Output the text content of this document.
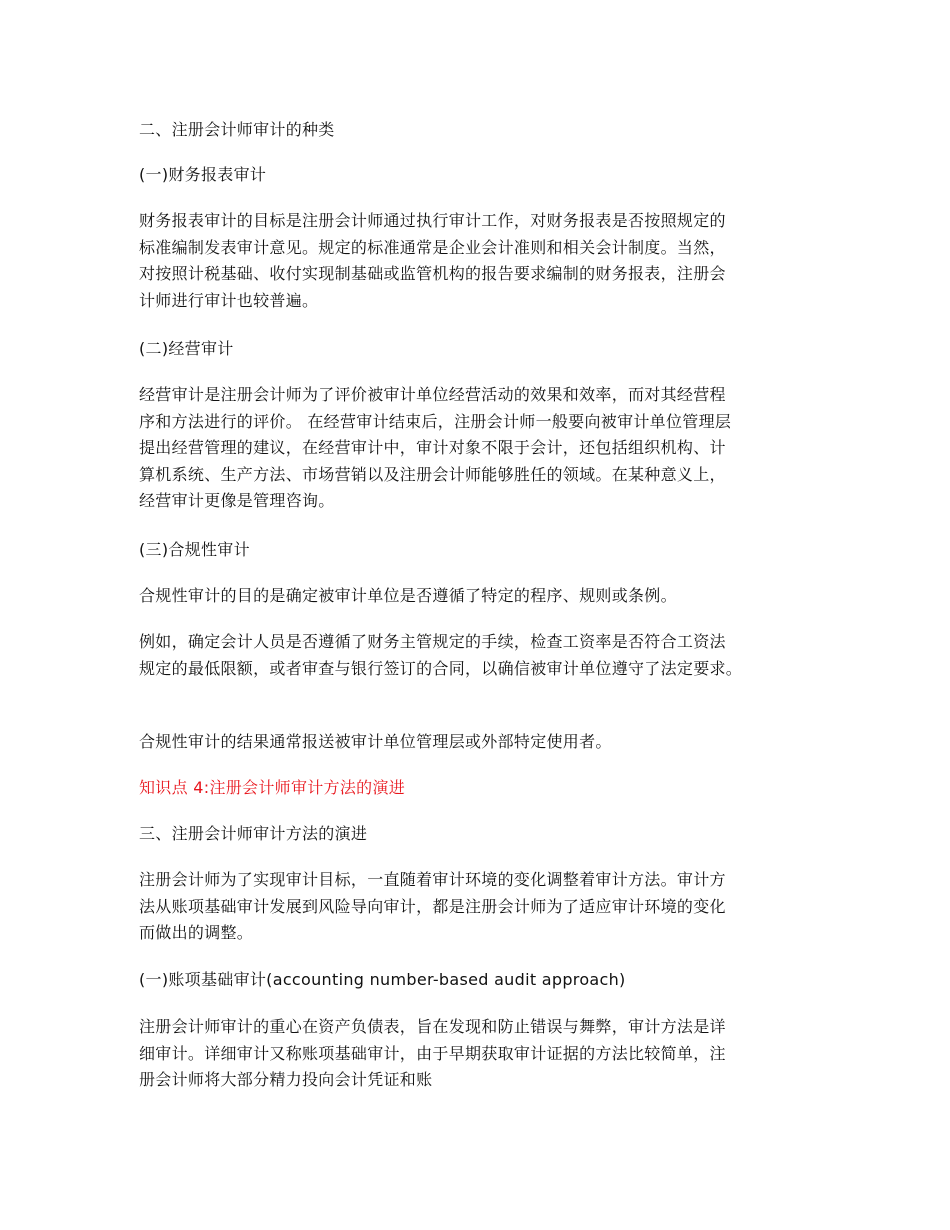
二、注册会计师审计的种类

(一)财务报表审计

财务报表审计的目标是注册会计师通过执行审计工作，对财务报表是否按照规定的
标准编制发表审计意见。规定的标准通常是企业会计准则和相关会计制度。当然，
对按照计税基础、收付实现制基础或监管机构的报告要求编制的财务报表，注册会
计师进行审计也较普遍。

(二)经营审计

经营审计是注册会计师为了评价被审计单位经营活动的效果和效率，而对其经营程
序和方法进行的评价。 在经营审计结束后，注册会计师一般要向被审计单位管理层
提出经营管理的建议，在经营审计中，审计对象不限于会计，还包括组织机构、计
算机系统、生产方法、市场营销以及注册会计师能够胜任的领域。在某种意义上，
经营审计更像是管理咨询。

(三)合规性审计

合规性审计的目的是确定被审计单位是否遵循了特定的程序、规则或条例。

例如，确定会计人员是否遵循了财务主管规定的手续，检查工资率是否符合工资法
规定的最低限额，或者审查与银行签订的合同，以确信被审计单位遵守了法定要求。

合规性审计的结果通常报送被审计单位管理层或外部特定使用者。

知识点 4:注册会计师审计方法的演进

三、注册会计师审计方法的演进

注册会计师为了实现审计目标，一直随着审计环境的变化调整着审计方法。审计方
法从账项基础审计发展到风险导向审计，都是注册会计师为了适应审计环境的变化
而做出的调整。

(一)账项基础审计(accounting number-based audit approach)

注册会计师审计的重心在资产负债表，旨在发现和防止错误与舞弊，审计方法是详
细审计。详细审计又称账项基础审计，由于早期获取审计证据的方法比较简单，注
册会计师将大部分精力投向会计凭证和账
